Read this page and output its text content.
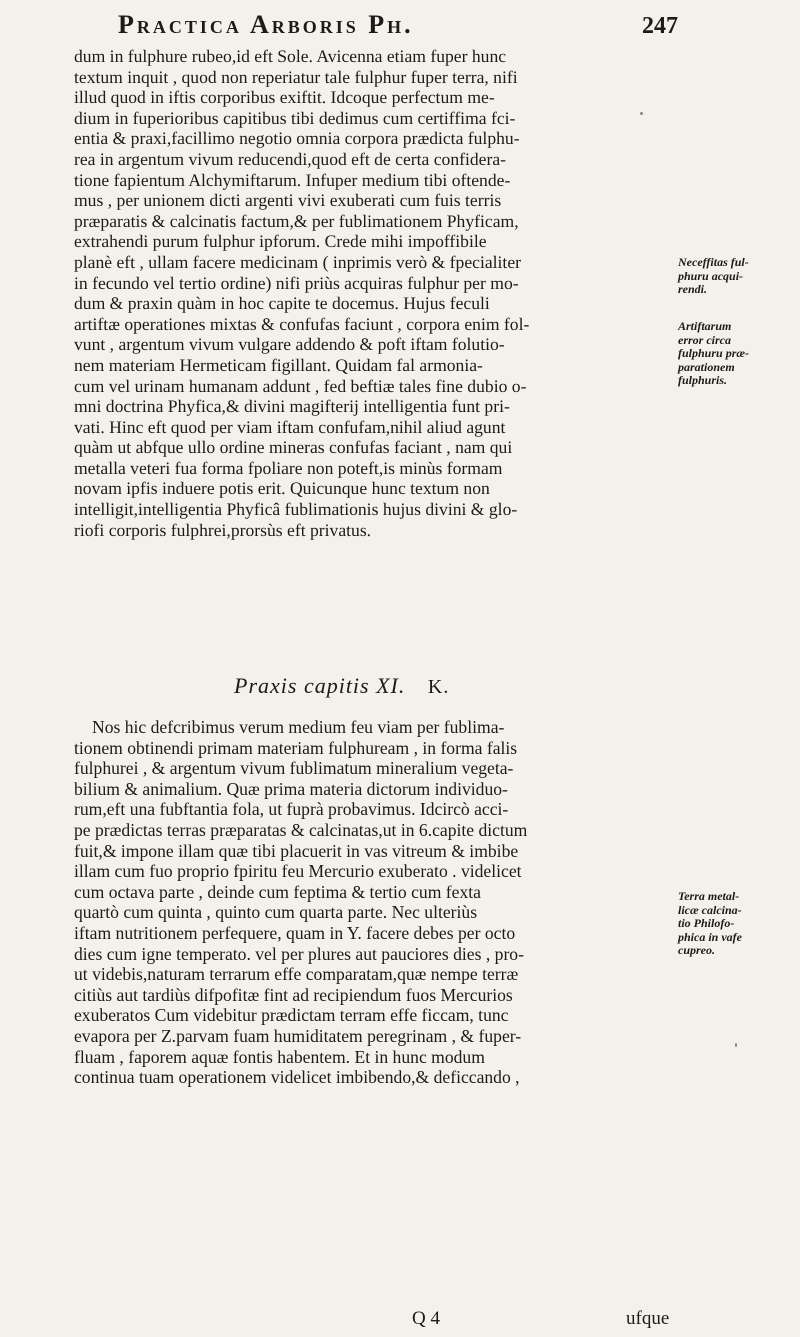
Practica Arboris Ph.	247
dum in fulphure rubeo,id eft Sole. Avicenna etiam fuper hunc
textum inquit , quod non reperiatur tale fulphur fuper terra, nifi
illud quod in iftis corporibus exiftit. Idcoque perfectum me-
dium in fuperioribus capitibus tibi dedimus cum certiffima fci-
entia & praxi,facillimo negotio omnia corpora prædicta fulphu-
rea in argentum vivum reducendi,quod eft de certa confidera-
tione fapientum Alchymiftarum. Infuper medium tibi oftende-
mus , per unionem dicti argenti vivi exuberati cum fuis terris
præparatis & calcinatis factum,& per fublimationem Phyficam,
extrahendi purum fulphur ipforum. Crede mihi impoffibile
planè eft , ullam facere medicinam ( inprimis verò & fpecialiter
in fecundo vel tertio ordine) nifi priùs acquiras fulphur per mo-
dum & praxin quàm in hoc capite te docemus. Hujus feculi
artiftæ operationes mixtas & confufas faciunt , corpora enim fol-
vunt , argentum vivum vulgare addendo & poft iftam folutio-
nem materiam Hermeticam figillant. Quidam fal armonia-
cum vel urinam humanam addunt , fed beftiæ tales fine dubio o-
mni doctrina Phyfica,& divini magifterij intelligentia funt pri-
vati. Hinc eft quod per viam iftam confufam,nihil aliud agunt
quàm ut abfque ullo ordine mineras confufas faciant , nam qui
metalla veteri fua forma fpoliare non poteft,is minùs formam
novam ipfis induere potis erit. Quicunque hunc textum non
intelligit,intelligentia Phyficâ fublimationis hujus divini & glo-
riofi corporis fulphrei,prorsùs eft privatus.
Praxis capitis XI. K.
Nos hic defcribimus verum medium feu viam per fublima-
tionem obtinendi primam materiam fulphuream , in forma falis
fulphurei , & argentum vivum fublimatum mineralium vegeta-
bilium & animalium. Quæ prima materia dictorum individuo-
rum,eft una fubftantia fola, ut fuprà probavimus. Idcircò acci-
pe prædictas terras præparatas & calcinatas,ut in 6.capite dictum
fuit,& impone illam quæ tibi placuerit in vas vitreum & imbibe
illam cum fuo proprio fpiritu feu Mercurio exuberato . videlicet
cum octava parte , deinde cum feptima & tertio cum fexta
quartò cum quinta , quinto cum quarta parte. Nec ulteriùs
iftam nutritionem perfequere, quam in Y. facere debes per octo
dies cum igne temperato. vel per plures aut pauciores dies , pro-
ut videbis,naturam terrarum effe comparatam,quæ nempe terræ
citiùs aut tardiùs difpofitæ fint ad recipiendum fuos Mercurios
exuberatos Cum videbitur prædictam terram effe ficcam, tunc
evapora per Z.parvam fuam humiditatem peregrinam , & fuper-
fluam , faporem aquæ fontis habentem. Et in hunc modum
continua tuam operationem videlicet imbibendo,& deficcando ,
Neceffitas ful-
phuru acqui-
rendi.
Artiftarum
error circa
fulphuru præ-
parationem
fulphuris.
Terra metal-
licæ calcina-
tio Philofo-
phica in vafe
cupreo.
Q 4	ufque
